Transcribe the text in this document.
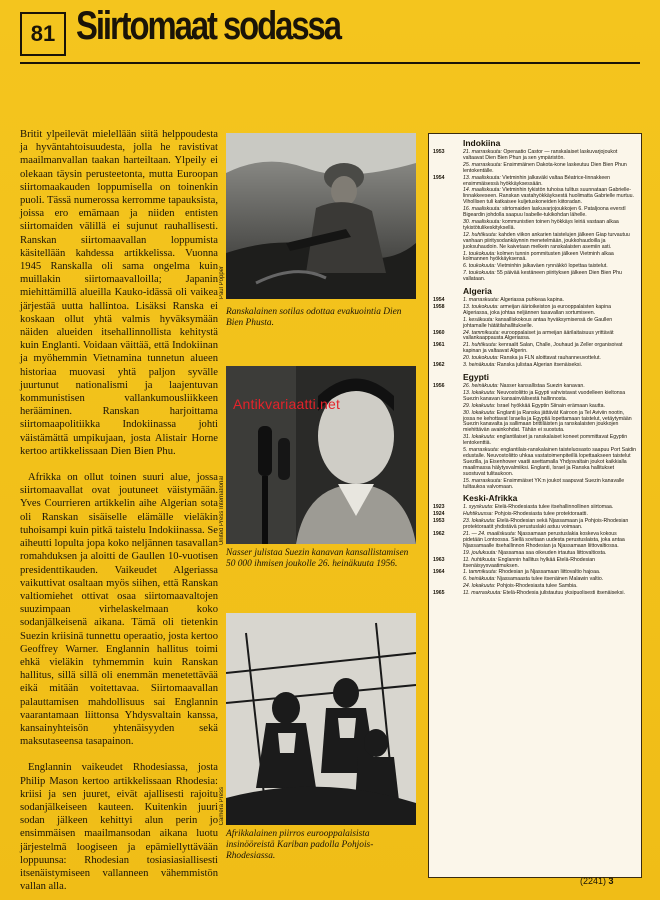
81 Siirtomaat sodassa

Britit ylpeilevät mielellään siitä helppoudesta ja hyväntahtoisuudesta, jolla he ravistivat maailmanvallan taakan harteiltaan. Ylpeily ei olekaan täysin perusteetonta, mutta Euroopan siirtomaakauden loppumisella on toinenkin puoli. Tässä numerossa kerromme tapauksista, joissa ero emämaan ja niiden entisten siirtomaiden välillä ei sujunut rauhallisesti. Ranskan siirtomaavallan loppumista käsitellään kahdessa artikkelissa. Vuonna 1945 Ranskalla oli sama ongelma kuin muillakin siirtomaavalloilla; Japanin miehittämillä alueilla Kauko-idässä oli vaikea järjestää uutta hallintoa. Lisäksi Ranska ei koskaan ollut yhtä valmis hyväksymään näiden alueiden itsehallinnollista kehitystä kuin Englanti. Voidaan väittää, että Indokiinan ja myöhemmin Vietnamina tunnetun alueen historiaa muovasi yhtä paljon syvälle juurtunut nationalismi ja laajentuvan kommunistisen vallankumousliikkeen herääminen. Ranskan harjoittama siirtomaapolitiikka Indokiinassa johti väistämättä umpikujaan, josta Alistair Horne kertoo artikkelissaan Dien Bien Phu.

Afrikka on ollut toinen suuri alue, jossa siirtomaavallat ovat joutuneet väistymään. Yves Courrieren artikkelin aihe Algerian sota oli Ranskan sisäiselle elämälle vieläkin tuhoisampi kuin pitkä taistelu Indokiinassa. Se aiheutti lopulta jopa koko neljännen tasavallan romahduksen ja aloitti de Gaullen 10-vuotisen presidenttikauden. Vaikeudet Algeriassa vaikuttivat osaltaan myös siihen, että Ranskan valtiomiehet ottivat osaa siirtomaavaltojen suuzimpaan virhelaskelmaan koko sodanjälkeisenä aikana. Tämä oli tietenkin Suezin kriisinä tunnettu operaatio, josta kertoo Geoffrey Warner. Englannin hallitus toimi ehkä vieläkin tyhmemmin kuin Ranskan hallitus, sillä sillä oli enemmän menetettävää eikä mitään voitettavaa. Siirtomaavallan palauttamisen mahdollisuus sai Englannin vaarantamaan liittonsa Yhdysvaltain kanssa, kansainyhteisön yhtenäisyyden sekä maksutaseensa tasapainon.

Englannin vaikeudet Rhodesiassa, josta Philip Mason kertoo artikkelissaan Rhodesia: kriisi ja sen juuret, eivät ajallisesti rajoitu sodanjälkeiseen kauteen. Kuitenkin juuri sodan jälkeen kehittyi alun perin jo ensimmäisen maailmansodan aikana luotu järjestelmä loogiseen ja epämiellyttävään loppuunsa: Rhodesian tosiasiasiallisesti itsenäistymiseen vallanneen vähemmistön vallan alla.

Paul Popper
Ranskalainen sotilas odottaa evakuointia Dien Bien Phusta.
United Press International
Nasser julistaa Suezin kanavan kansallistamisen 50 000 ihmisen joukolle 26. heinäkuuta 1956.
Camera Press
Afrikkalainen piirros eurooppalaisista insinööreistä Kariban padolla Pohjois-Rhodesiassa.
Antikvariaatti.net
Indokiina
1953	21. marraskuuta: Operaatio Castor — ranskalaiset laskuvarjojoukot valtaavat Dien Bien Phun ja sen ympäristön.
25. marraskuuta: Ensimmäinen Dakota-kone laskeutuu Dien Bien Phun lentokentälle.
1954	13. maaliskuuta: Vietminhin jalkaväki valtaa Béatrice-linnakkeen ensimmäisessä hyökkäyksessään.
14. maaliskuuta: Vietminhin tykistön tuhoisa tulitus suunnataan Gabrielle-linnakkeeseen. Ranskan vastahyökkäyksestä huolimatta Gabrielle murtuu. Vihollisen tuli katkaisee kuljetuskoneiden kiitoradan.
16. maaliskuuta: siirtomaiden laskuvarjojoukkojen 6. Pataljoona everstI Bigeardin johdolla saapuu Isabelle-tukikohdan lähelle.
30. maaliskuuta: kommunistien toinen hyökkäys leiriä vastaan alkaa tykistötulikeskityksellä.
12. huhtikuuta: kahden viikon ankarien taistelujen jälkeen Giap turvautuu vanhaan piiritysodankäynnin menetelmään, joukkohaudoilla ja juoksuhaudoin. Ne kaivetaan melkein ranskalaisten asemiin asti.
1. toukokuuta: kolmen tunnin pommitusten jälkeen Vietminh alkaa kolmannen hyökkäyksensä.
6. toukokuuta: Vietminhin jalkaväen rynnäkkö lopettaa taistelut.
7. toukokuuta: 55 päivää kestäneen piirityksen jälkeen Dien Bien Phu vallataan.
Algeria
1954	1. marraskuuta: Algeriassa puhkeaa kapina.
1958	13. toukokuuta: armeijan äärioikeiston ja eurooppalaisten kapina Algeriassa, joka johtaa neljännen tasavallan sortumiseen.
1. kesäkuuta: kansalliskokous antaa hyväksymisensä de Gaullen johtamalle hätätilahallitukselle.
1960	24. tammikuuta: eurooppalaiset ja armeijan äärilaitaisuus yrittävät vallankaappausta Algeriassa.
1961	21. huhtikuuta: kenraalit Salan, Challe, Jouhaud ja Zeller organisoivat kapinan ja valtaavat Algerin.
20. toukokuuta: Ranska ja FLN aloittavat rauhanneuvottelut.
1962	3. heinäkuuta: Ranska julistaa Algerian itsenäiseksi.
Egypti
1956	26. heinäkuuta: Nasser kansallistaa Suezin kanavan.
13. lokakuuta: Neuvostoliitto ja Egypti vahvistavat vuodelleen kieltonsa Suezin kanavan kansainvälisestä hallinnosta.
29. lokakuuta: Israel hyökkää Egyptin Siinain erämaan kautta.
30. lokakuuta: Englanti ja Ranska jättävät Kairoon ja Tel Aviviin nootin, jossa ne kehottavat Israelia ja Egyptiä lopettamaan taistelut, vetäytymään Suezin kanavalta ja sallimaan brittiläisten ja ranskalaisten joukkojen miehittävän avainkohdat. Tähän ei suostuta.
31. lokakuuta: englantilaiset ja ranskalaiset koneet pommittavat Egyptin lentokenttiä.
5. marraskuuta: englantilais-ranskalainen taisteluosasto saapuu Port Saidin edustalle. Neuvostoliitto uhkaa vastatoimenpiteillä lopettaakseen taistelut Suezilla, ja Eisenhower vaatii asettamalla Yhdysvaltain joukot kaikkialla maailmassa hälytysvalmiiksi. Englanti, Israel ja Ranska hallitukset suostuvat tulitaukoon.
15. marraskuuta: Ensimmäiset YK:n joukot saapuvat Suezin kanavalle tulitaukoa valvomaan.
Keski-Afrikka
1923	1. syyskuuta: Etelä-Rhodesiasta tulee itsehallinnollinen siirtomaa.
1924	Huhtikuussa: Pohjois-Rhodesiasta tulee protektoraatti.
1953	23. lokakuuta: Etelä-Rhodesian sekä Njassamaan ja Pohjois-Rhodesian protektoraatit yhdistävä perustuslaki astuu voimaan.
1962	21. — 24. maaliskuuta: Njassamaan perustuslakia koskeva kokous pidetään Lontoossa. Siellä sovitaan uudesta perustuslaista, joka antaa Njassamaalle itsehallinnon Rhodesian ja Njassamaan liittovaltiossa.
19. joulukuuta: Njassamaa saa oikeuden irtautua liittovaltiosta.
1963	11. huhtikuuta: Englannin hallitus hylkää Etelä-Rhodesian itsenäisyysvaatimuksen.
1964	1. tammikuuta: Rhodesian ja Njassamaan liittovaltio hajoaa.
6. heinäkuuta: Njassamaasta tulee itsenäinen Malawin valtio.
24. lokakuuta: Pohjois-Rhodesiasta tulee Sambia.
1965	11. marraskuuta: Etelä-Rhodesia julistautuu yksipuolisesti itsenäiseksi.
(2241) 3
